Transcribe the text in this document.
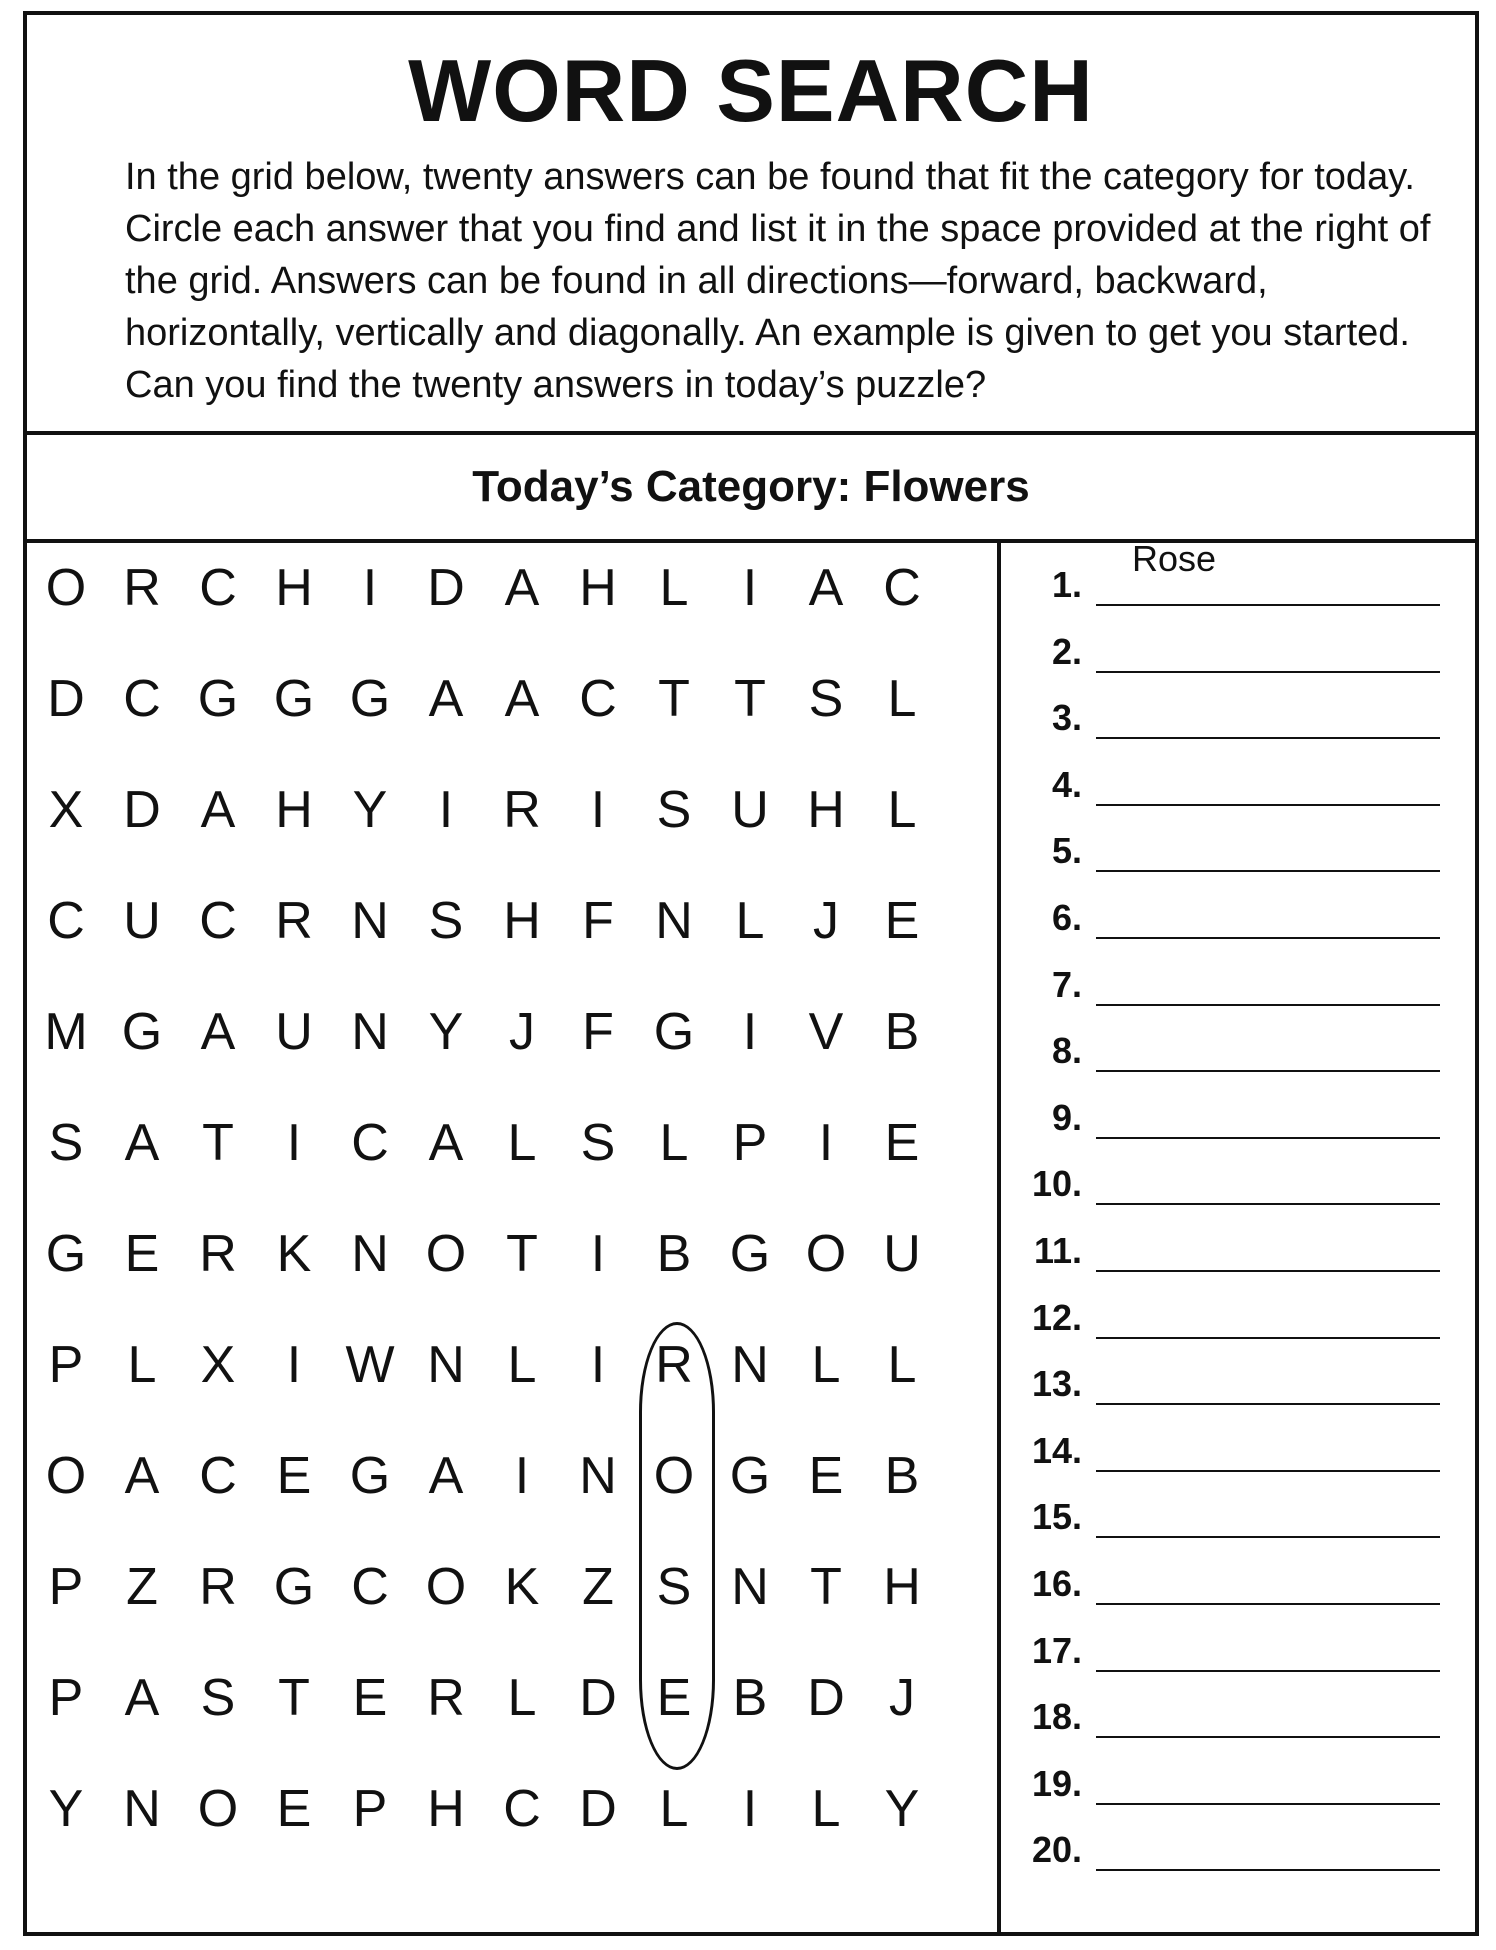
WORD SEARCH
In the grid below, twenty answers can be found that fit the category for today. Circle each answer that you find and list it in the space provided at the right of the grid. Answers can be found in all directions—forward, backward, horizontally, vertically and diagonally. An example is given to get you started. Can you find the twenty answers in today’s puzzle?
Today’s Category: Flowers
O R C H I D A H L	I A C
D C G G G A A C T T S L
X D A H Y I R I S U H L
C U C R N S H F N L J E
M G A U N Y J F G I V B
S A T	I C A L S L P I E
G E R K N O T	I B G O U
P L X I W N L	I R N L L
O A C E G A I N O G E B
P Z R G C O K Z S N T H
P A S T E R L D E B D J
Y N O E P H C D L	I	L Y
1.
Rose
2.
3.
4.
5.
6.
7.
8.
9.
10.
11.
12.
13.
14.
15.
16.
17.
18.
19.
20.
